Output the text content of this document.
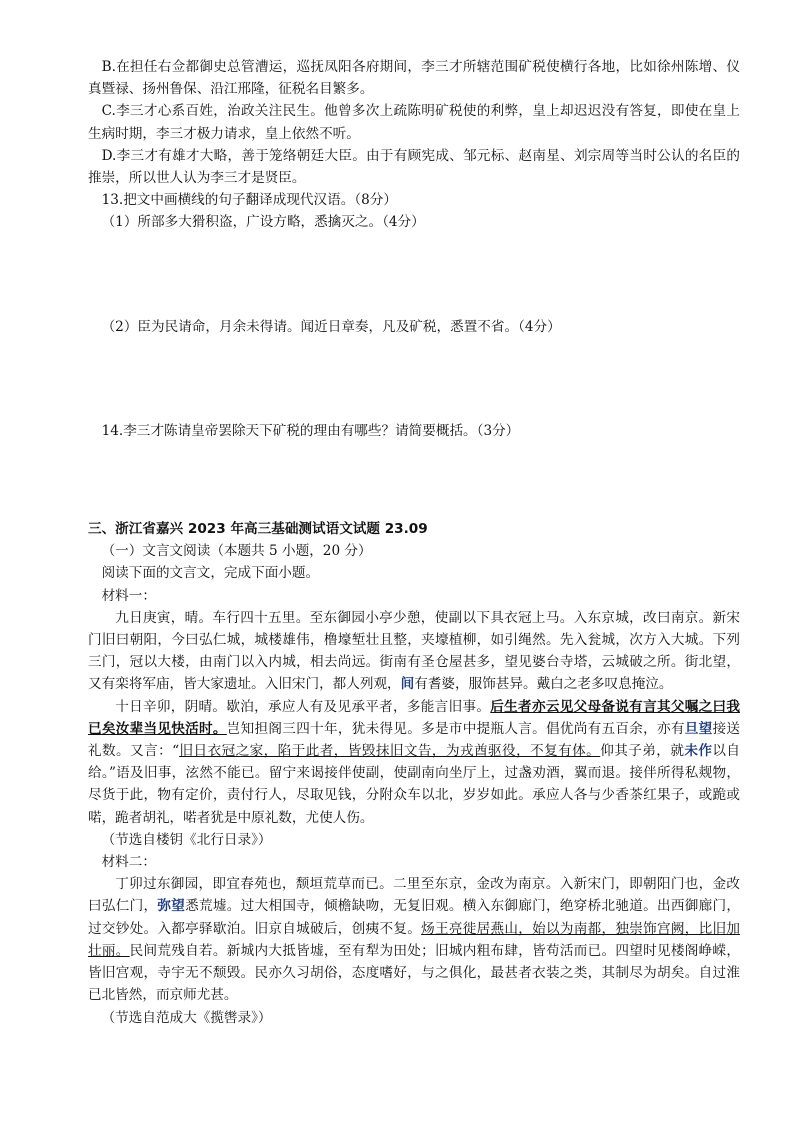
B.在担任右佥都御史总管漕运，巡抚凤阳各府期间，李三才所辖范围矿税使横行各地，比如徐州陈增、仪真暨禄、扬州鲁保、沿江邢隆，征税名目繁多。

C.李三才心系百姓，治政关注民生。他曾多次上疏陈明矿税使的利弊，皇上却迟迟没有答复，即使在皇上生病时期，李三才极力请求，皇上依然不听。

D.李三才有雄才大略，善于笼络朝廷大臣。由于有顾宪成、邹元标、赵南星、刘宗周等当时公认的名臣的推崇，所以世人认为李三才是贤臣。

13.把文中画横线的句子翻译成现代汉语。（8分）

（1）所部多大猾积盗，广设方略，悉擒灭之。（4分）

（2）臣为民请命，月余未得请。闻近日章奏，凡及矿税，悉置不省。（4分）

14.李三才陈请皇帝罢除天下矿税的理由有哪些？请简要概括。（3分）

三、浙江省嘉兴 2023 年高三基础测试语文试题 23.09

（一）文言文阅读（本题共 5 小题，20 分）

阅读下面的文言文，完成下面小题。

材料一：

九日庚寅，晴。车行四十五里。至东御园小亭少憩，使副以下具衣冠上马。入东京城，改曰南京。新宋门旧曰朝阳，今曰弘仁城，城楼雄伟，橹壕堑壮且整，夹壕植柳，如引绳然。先入瓮城，次方入大城。下列三门，冠以大楼，由南门以入内城，相去尚远。街南有圣仓屋甚多，望见婆台寺塔，云城破之所。街北望，又有栾将军庙，皆大家遗址。入旧宋门，都人列观，间有耆婆，服饰甚异。戴白之老多叹息掩泣。

十日辛卯，阴晴。歇泊，承应人有及见承平者，多能言旧事。后生者亦云见父母备说有言其父嘱之曰我已矣汝辈当见快活时。岂知担阁三四十年，犹未得见。多是市中提瓶人言。倡优尚有五百余，亦有旦望接送礼数。又言：“旧日衣冠之家，陷于此者，皆毁抹旧文告，为戎酋驱役，不复有体。仰其子弟，就未作以自给。”语及旧事，泫然不能已。留宁来谒接伴使副，使副南向坐厅上，过盏劝酒，翼而退。接伴所得私觌物，尽货于此，物有定价，责付行人，尽取见钱，分附众车以北，岁岁如此。承应人各与少香茶红果子，或跪或喏，跪者胡礼，喏者犹是中原礼数，尤使人伤。

（节选自楼钥《北行日录》）

材料二：

丁卯过东御园，即宜春苑也，颓垣荒草而已。二里至东京，金改为南京。入新宋门，即朝阳门也，金改曰弘仁门，弥望悉荒墟。过大相国寺，倾檐缺吻，无复旧观。横入东御廊门，绝穿桥北驰道。出西御廊门，过交钞处。入都亭驿歇泊。旧京自城破后，创痍不复。炀王亮徙居燕山，始以为南都，独崇饰宫阙，比旧加壮丽。民间荒残自若。新城内大抵皆墟，至有犁为田处；旧城内粗布肆，皆苟活而已。四望时见楼阁峥嵘，皆旧宫观，寺宇无不颓毁。民亦久习胡俗，态度嗜好，与之俱化，最甚者衣装之类，其制尽为胡矣。自过淮已北皆然，而京师尤甚。

（节选自范成大《揽辔录》）
